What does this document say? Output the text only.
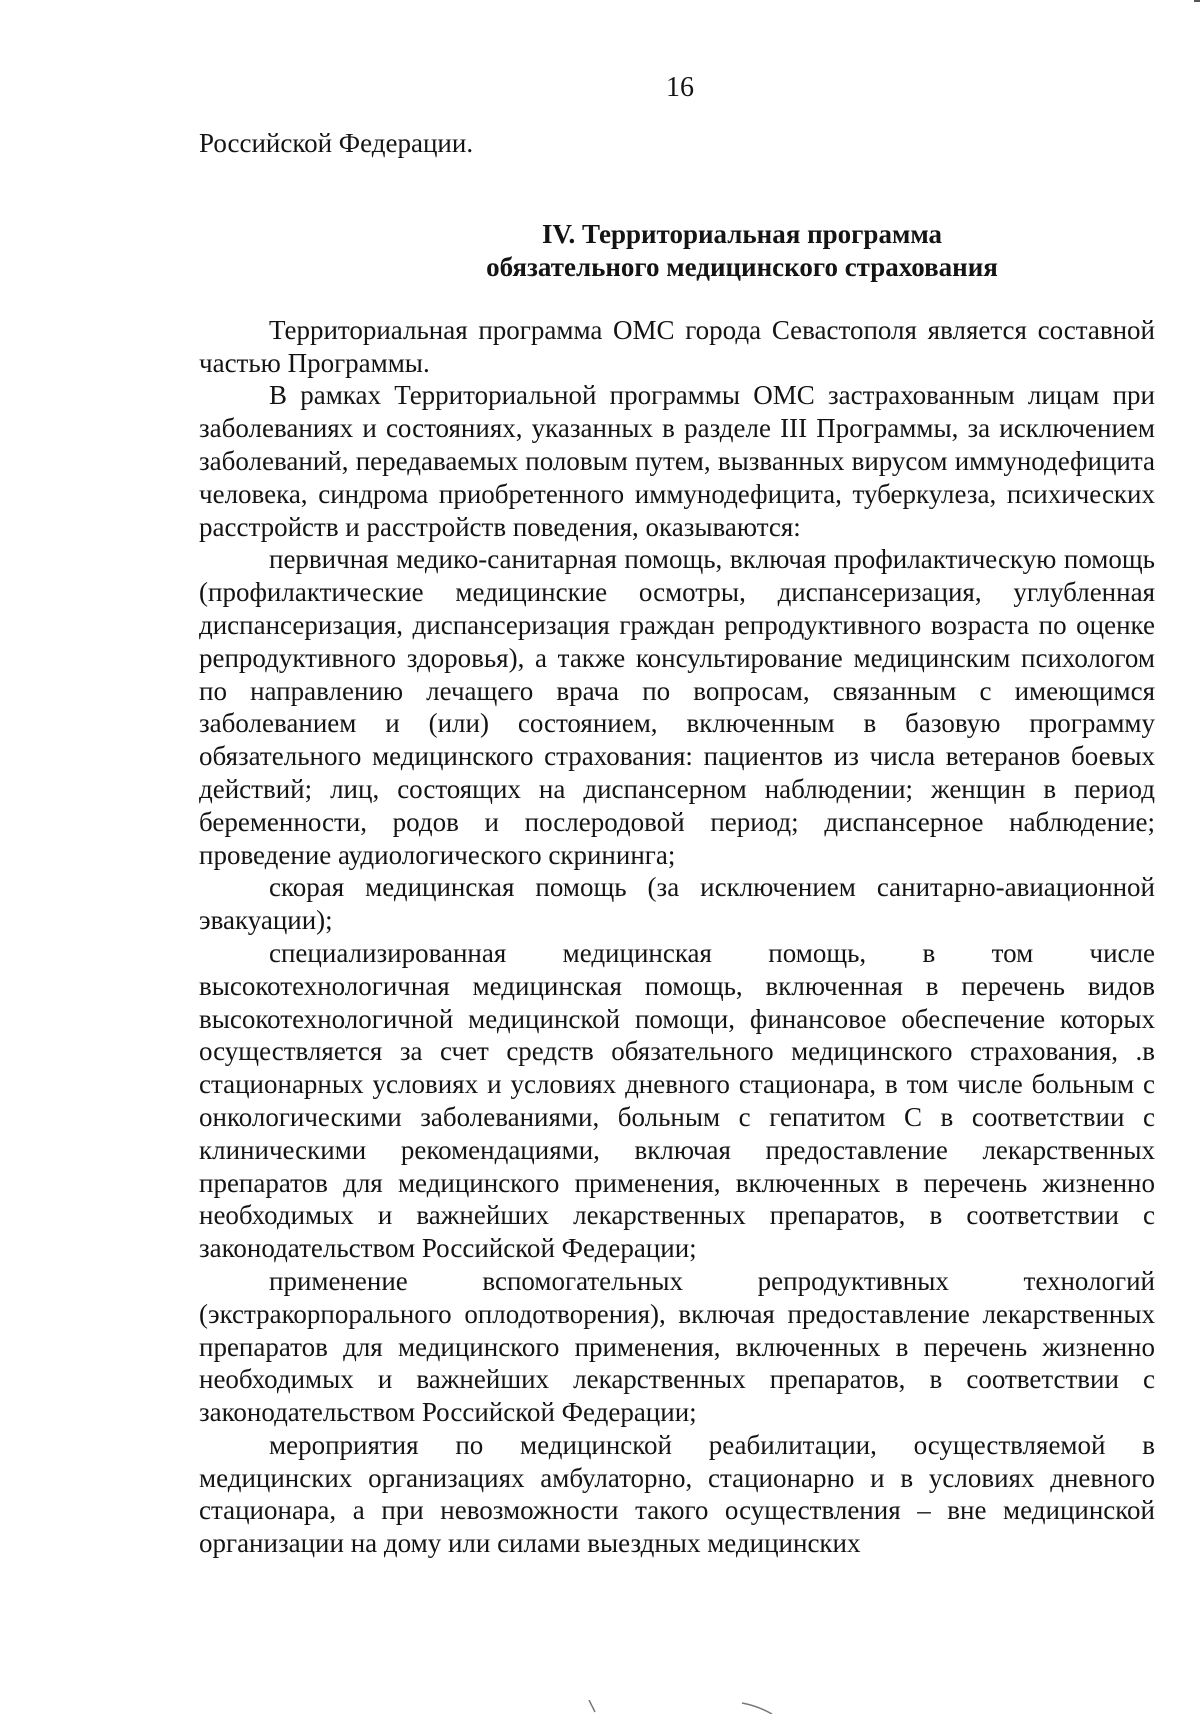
16

Российской Федерации.

IV. Территориальная программа
обязательного медицинского страхования

Территориальная программа ОМС города Севастополя является составной частью Программы.

В рамках Территориальной программы ОМС застрахованным лицам при заболеваниях и состояниях, указанных в разделе III Программы, за исключением заболеваний, передаваемых половым путем, вызванных вирусом иммунодефицита человека, синдрома приобретенного иммунодефицита, туберкулеза, психических расстройств и расстройств поведения, оказываются:

первичная медико-санитарная помощь, включая профилактическую помощь (профилактические медицинские осмотры, диспансеризация, углубленная диспансеризация, диспансеризация граждан репродуктивного возраста по оценке репродуктивного здоровья), а также консультирование медицинским психологом по направлению лечащего врача по вопросам, связанным с имеющимся заболеванием и (или) состоянием, включенным в базовую программу обязательного медицинского страхования: пациентов из числа ветеранов боевых действий; лиц, состоящих на диспансерном наблюдении; женщин в период беременности, родов и послеродовой период; диспансерное наблюдение; проведение аудиологического скрининга;

скорая медицинская помощь (за исключением санитарно-авиационной эвакуации);

специализированная медицинская помощь, в том числе высокотехнологичная медицинская помощь, включенная в перечень видов высокотехнологичной медицинской помощи, финансовое обеспечение которых осуществляется за счет средств обязательного медицинского страхования, .в стационарных условиях и условиях дневного стационара, в том числе больным с онкологическими заболеваниями, больным с гепатитом С в соответствии с клиническими рекомендациями, включая предоставление лекарственных препаратов для медицинского применения, включенных в перечень жизненно необходимых и важнейших лекарственных препаратов, в соответствии с законодательством Российской Федерации;

применение вспомогательных репродуктивных технологий (экстракорпорального оплодотворения), включая предоставление лекарственных препаратов для медицинского применения, включенных в перечень жизненно необходимых и важнейших лекарственных препаратов, в соответствии с законодательством Российской Федерации;

мероприятия по медицинской реабилитации, осуществляемой в медицинских организациях амбулаторно, стационарно и в условиях дневного стационара, а при невозможности такого осуществления – вне медицинской организации на дому или силами выездных медицинских
